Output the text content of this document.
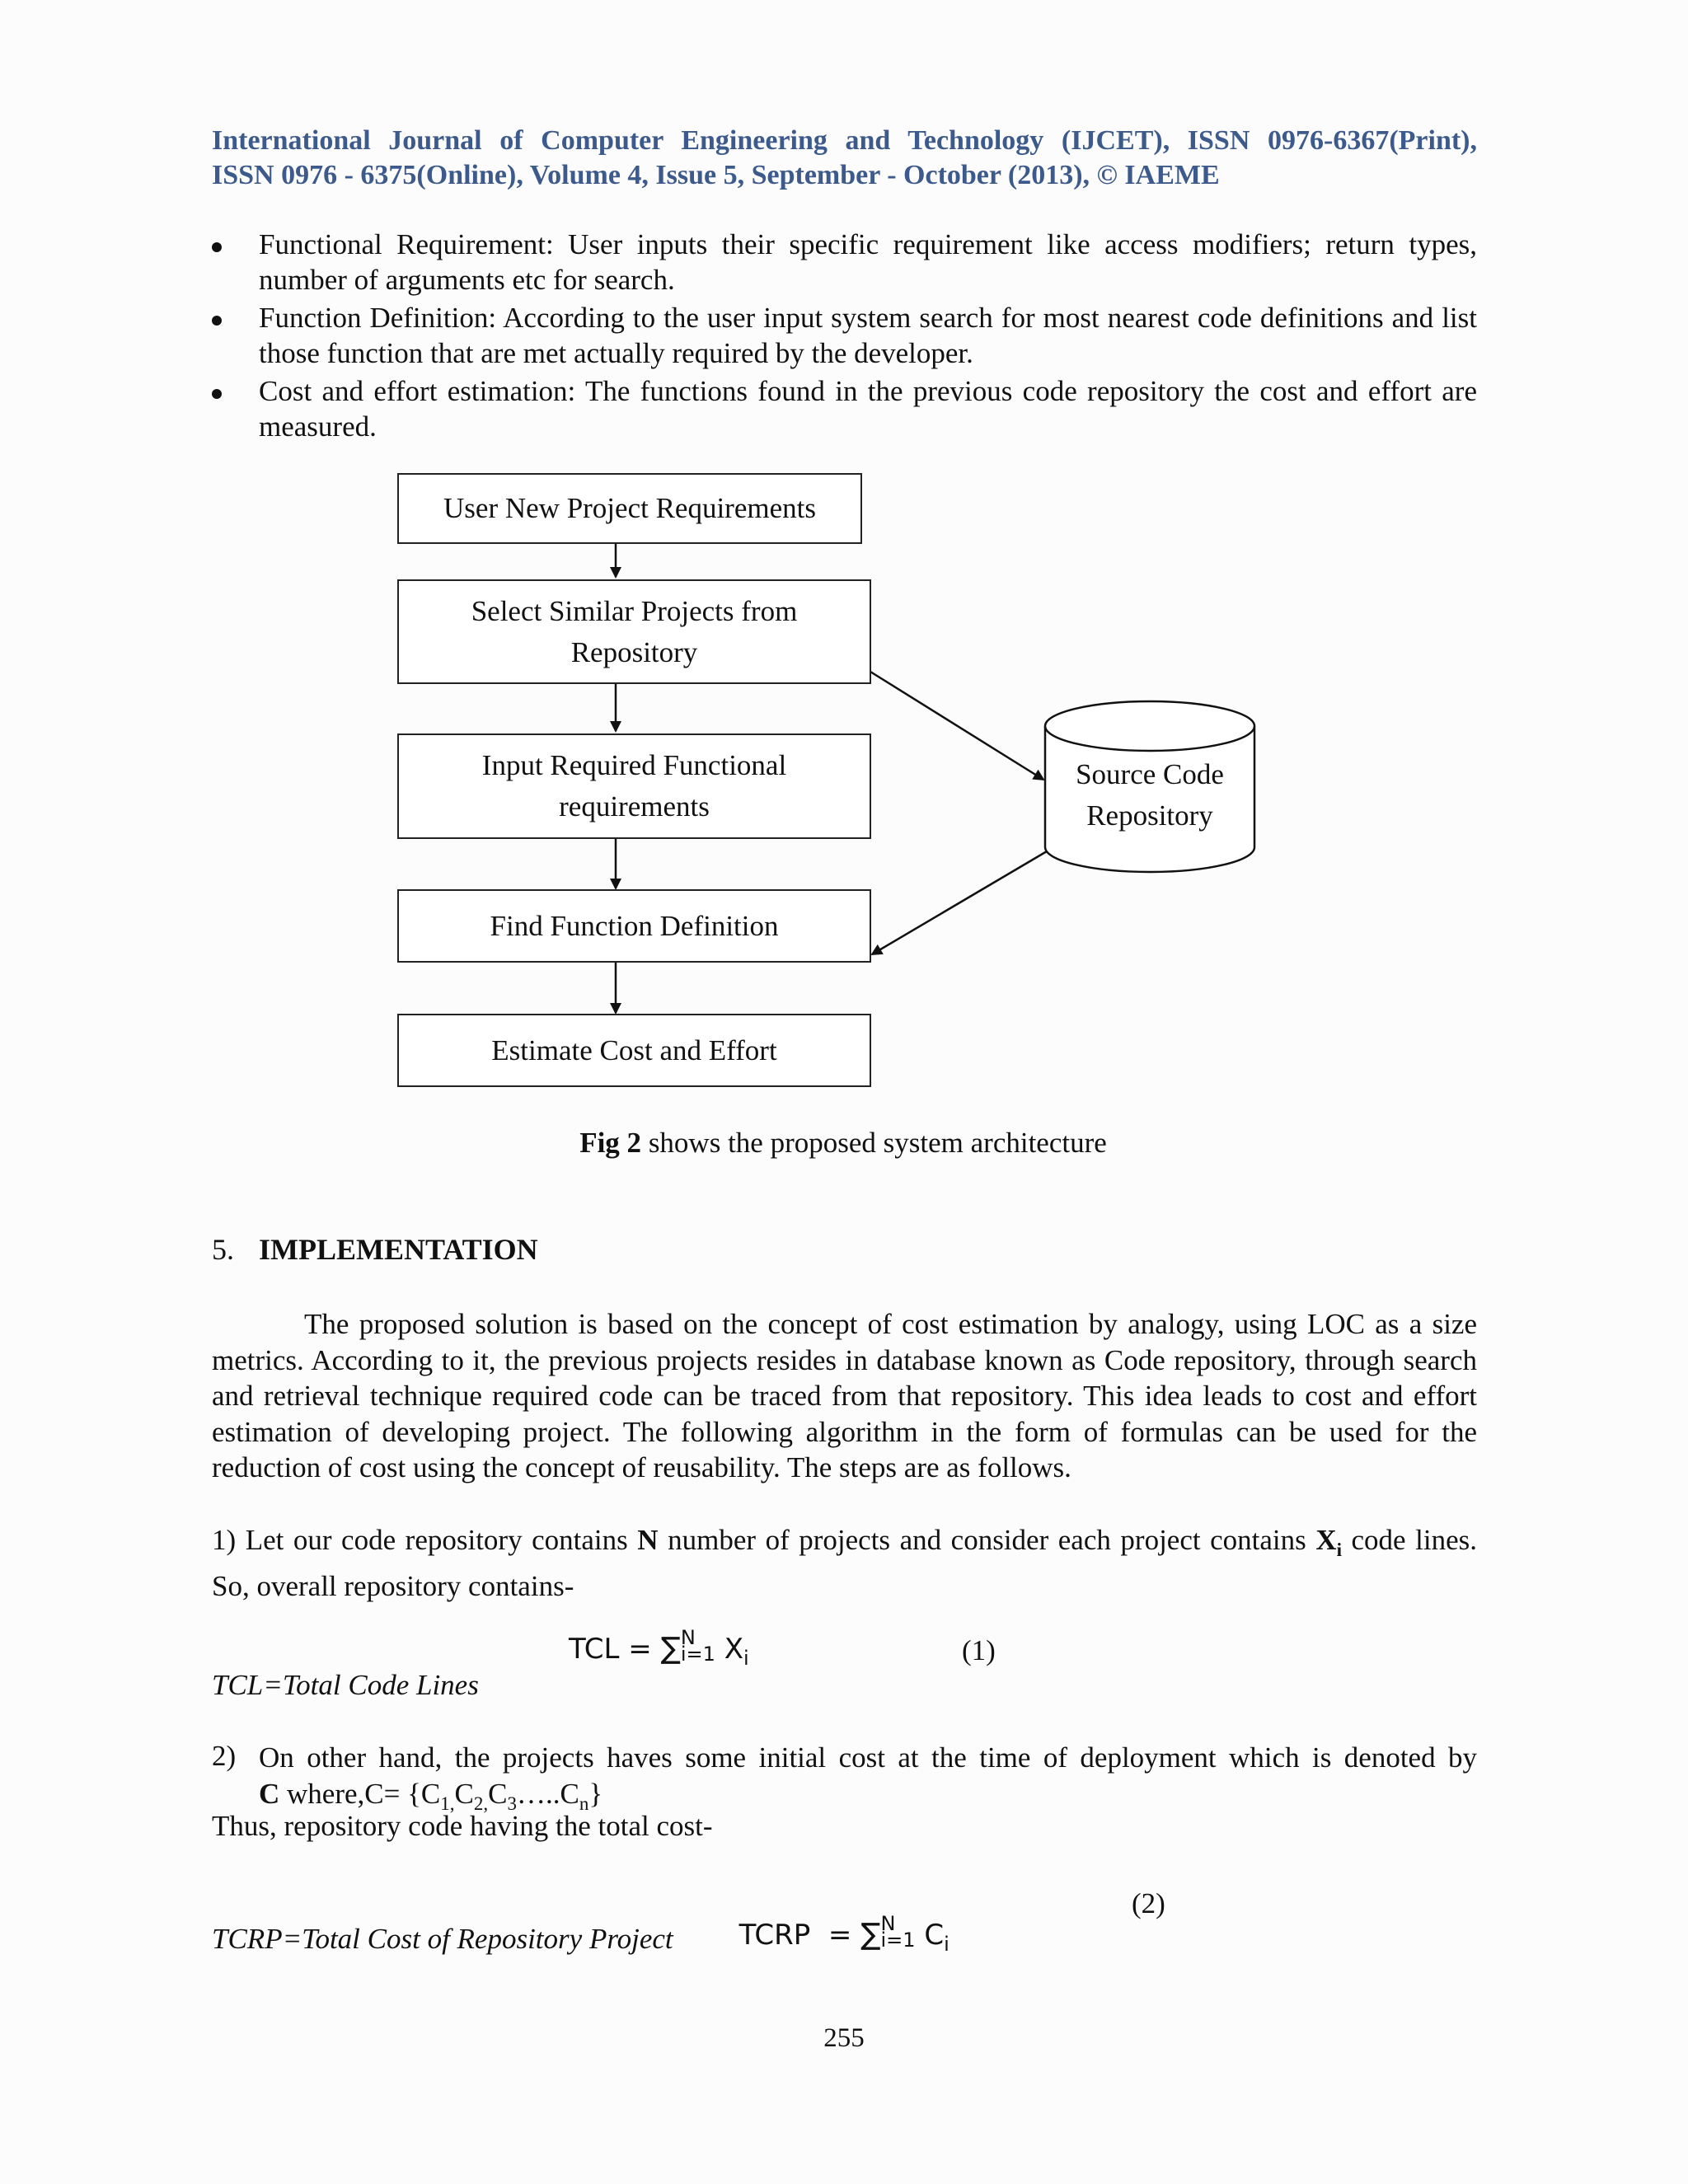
International Journal of Computer Engineering and Technology (IJCET), ISSN 0976-6367(Print),
ISSN 0976 - 6375(Online), Volume 4, Issue 5, September - October (2013), © IAEME
Functional Requirement: User inputs their specific requirement like access modifiers; return types, number of arguments etc for search.
Function Definition: According to the user input system search for most nearest code definitions and list those function that are met actually required by the developer.
Cost and effort estimation: The functions found in the previous code repository the cost and effort are measured.
User New Project Requirements
Select Similar Projects from Repository
Input Required Functional requirements
Find Function Definition
Estimate Cost and Effort
Source Code Repository
Fig 2 shows the proposed system architecture
5. IMPLEMENTATION
The proposed solution is based on the concept of cost estimation by analogy, using LOC as a size metrics. According to it, the previous projects resides in database known as Code repository, through search and retrieval technique required code can be traced from that repository. This idea leads to cost and effort estimation of developing project. The following algorithm in the form of formulas can be used for the reduction of cost using the concept of reusability. The steps are as follows.
1) Let our code repository contains N number of projects and consider each project contains $X_i$ code lines. So, overall repository contains-
TCL = ∑ N
i=1 $X_i$	(1)
TCL=Total Code Lines
2) On other hand, the projects haves some initial cost at the time of deployment which is denoted by
C where,C= $\{C_{1,}C_{2,}C_3\dots..C_n\}$
Thus, repository code having the total cost-

TCRP  = ∑ N
i=1 $C_i$

(2)
TCRP=Total Cost of Repository Project
255
